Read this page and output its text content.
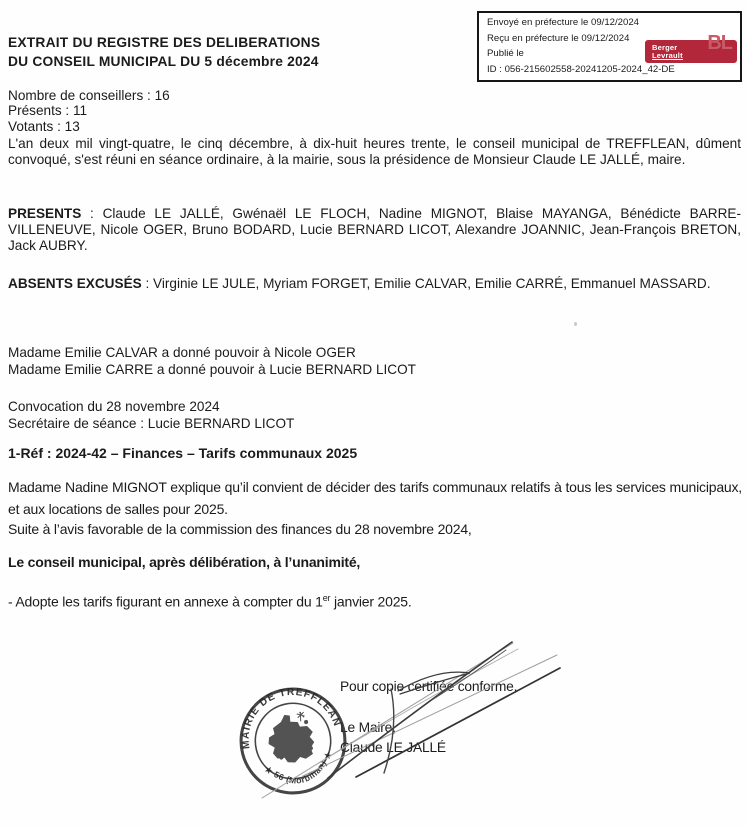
Envoyé en préfecture le 09/12/2024
Reçu en préfecture le 09/12/2024
Publié le
ID : 056-215602558-20241205-2024_42-DE
Berger
Levrault
BL
EXTRAIT DU REGISTRE DES DELIBERATIONS
DU CONSEIL MUNICIPAL DU 5 décembre 2024
Nombre de conseillers : 16
Présents : 11
Votants : 13
L'an deux mil vingt-quatre, le cinq décembre, à dix-huit heures trente, le conseil municipal de TREFFLEAN, dûment convoqué, s'est réuni en séance ordinaire, à la mairie, sous la présidence de Monsieur Claude LE JALLÉ, maire.
PRESENTS : Claude LE JALLÉ, Gwénaël LE FLOCH, Nadine MIGNOT, Blaise MAYANGA, Bénédicte BARRE-VILLENEUVE, Nicole OGER, Bruno BODARD, Lucie BERNARD LICOT, Alexandre JOANNIC, Jean-François BRETON, Jack AUBRY.
ABSENTS EXCUSÉS : Virginie LE JULE, Myriam FORGET, Emilie CALVAR, Emilie CARRÉ, Emmanuel MASSARD.
Madame Emilie CALVAR a donné pouvoir à Nicole OGER
Madame Emilie CARRE a donné pouvoir à Lucie BERNARD LICOT
Convocation du 28 novembre 2024
Secrétaire de séance : Lucie BERNARD LICOT
1-Réf : 2024-42 – Finances – Tarifs communaux 2025
Madame Nadine MIGNOT explique qu’il convient de décider des tarifs communaux relatifs à tous les services municipaux, et aux locations de salles pour 2025.
Suite à l’avis favorable de la commission des finances du 28 novembre 2024,
Le conseil municipal, après délibération, à l’unanimité,
- Adopte les tarifs figurant en annexe à compter du 1er janvier 2025.
Pour copie certifiée conforme,
Le Maire,
Claude LE JALLÉ
MAIRIE DE TREFFLEAN
★ 56 (Morbihan) ★
